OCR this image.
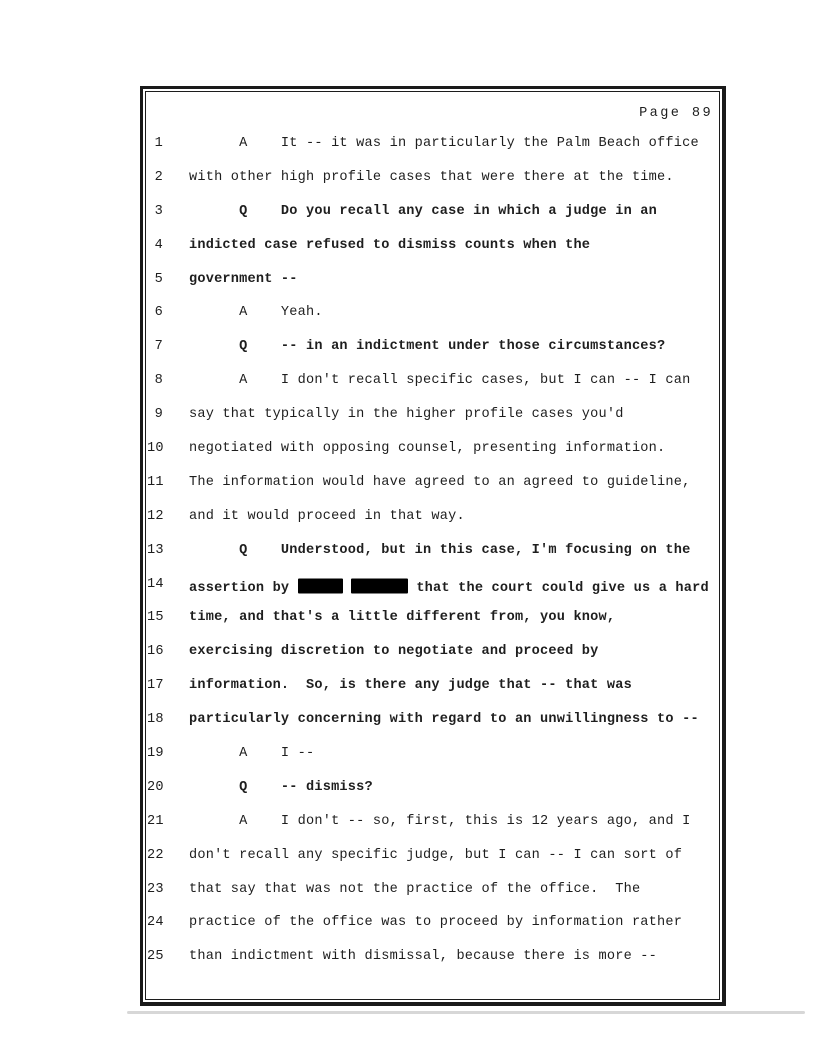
Page 89
1 A    It -- it was in particularly the Palm Beach office
2 with other high profile cases that were there at the time.
3 Q    Do you recall any case in which a judge in an
4 indicted case refused to dismiss counts when the
5 government --
6 A    Yeah.
7 Q    -- in an indictment under those circumstances?
8 A    I don't recall specific cases, but I can -- I can
9 say that typically in the higher profile cases you'd
10 negotiated with opposing counsel, presenting information.
11 The information would have agreed to an agreed to guideline,
12 and it would proceed in that way.
13 Q    Understood, but in this case, I'm focusing on the
14 assertion by	that the court could give us a hard
15 time, and that's a little different from, you know,
16 exercising discretion to negotiate and proceed by
17 information.  So, is there any judge that -- that was
18 particularly concerning with regard to an unwillingness to --
19 A    I --
20 Q    -- dismiss?
21 A    I don't -- so, first, this is 12 years ago, and I
22 don't recall any specific judge, but I can -- I can sort of
23 that say that was not the practice of the office.  The
24 practice of the office was to proceed by information rather
25 than indictment with dismissal, because there is more --
